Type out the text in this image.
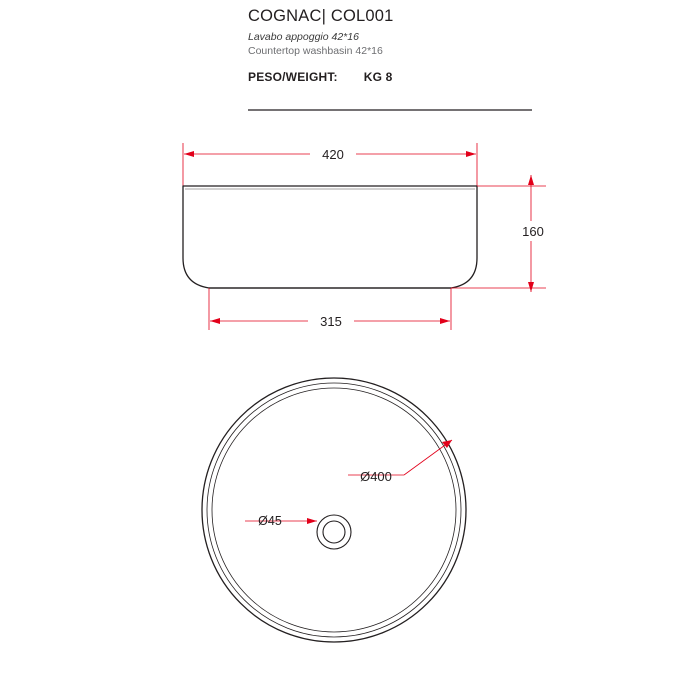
COGNAC| COL001
Lavabo appoggio 42*16
Countertop washbasin 42*16
PESO/WEIGHT: KG 8
420
160
315
Ø400
Ø45
